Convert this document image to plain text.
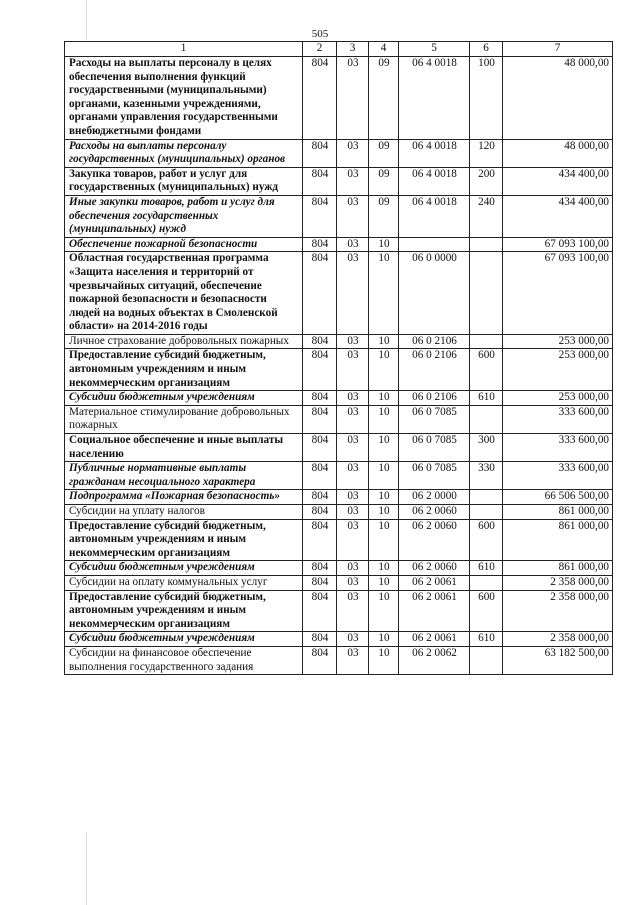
505
1	2	3	4	5	6	7
Расходы на выплаты персоналу в целях обеспечения выполнения функций государственными (муниципальными) органами, казенными учреждениями, органами управления государственными внебюджетными фондами	804	03	09	06 4 0018	100	48 000,00
Расходы на выплаты персоналу государственных (муниципальных) органов	804	03	09	06 4 0018	120	48 000,00
Закупка товаров, работ и услуг для государственных (муниципальных) нужд	804	03	09	06 4 0018	200	434 400,00
Иные закупки товаров, работ и услуг для обеспечения государственных (муниципальных) нужд	804	03	09	06 4 0018	240	434 400,00
Обеспечение пожарной безопасности	804	03	10			67 093 100,00
Областная государственная программа «Защита населения и территорий от чрезвычайных ситуаций, обеспечение пожарной безопасности и безопасности людей на водных объектах в Смоленской области» на 2014-2016 годы	804	03	10	06 0 0000		67 093 100,00
Личное страхование добровольных пожарных	804	03	10	06 0 2106		253 000,00
Предоставление субсидий бюджетным, автономным учреждениям и иным некоммерческим организациям	804	03	10	06 0 2106	600	253 000,00
Субсидии бюджетным учреждениям	804	03	10	06 0 2106	610	253 000,00
Материальное стимулирование добровольных пожарных	804	03	10	06 0 7085		333 600,00
Социальное обеспечение и иные выплаты населению	804	03	10	06 0 7085	300	333 600,00
Публичные нормативные выплаты гражданам несоциального характера	804	03	10	06 0 7085	330	333 600,00
Подпрограмма «Пожарная безопасность»	804	03	10	06 2 0000		66 506 500,00
Субсидии на уплату налогов	804	03	10	06 2 0060		861 000,00
Предоставление субсидий бюджетным, автономным учреждениям и иным некоммерческим организациям	804	03	10	06 2 0060	600	861 000,00
Субсидии бюджетным учреждениям	804	03	10	06 2 0060	610	861 000,00
Субсидии на оплату коммунальных услуг	804	03	10	06 2 0061		2 358 000,00
Предоставление субсидий бюджетным, автономным учреждениям и иным некоммерческим организациям	804	03	10	06 2 0061	600	2 358 000,00
Субсидии бюджетным учреждениям	804	03	10	06 2 0061	610	2 358 000,00
Субсидии на финансовое обеспечение выполнения государственного задания	804	03	10	06 2 0062		63 182 500,00
